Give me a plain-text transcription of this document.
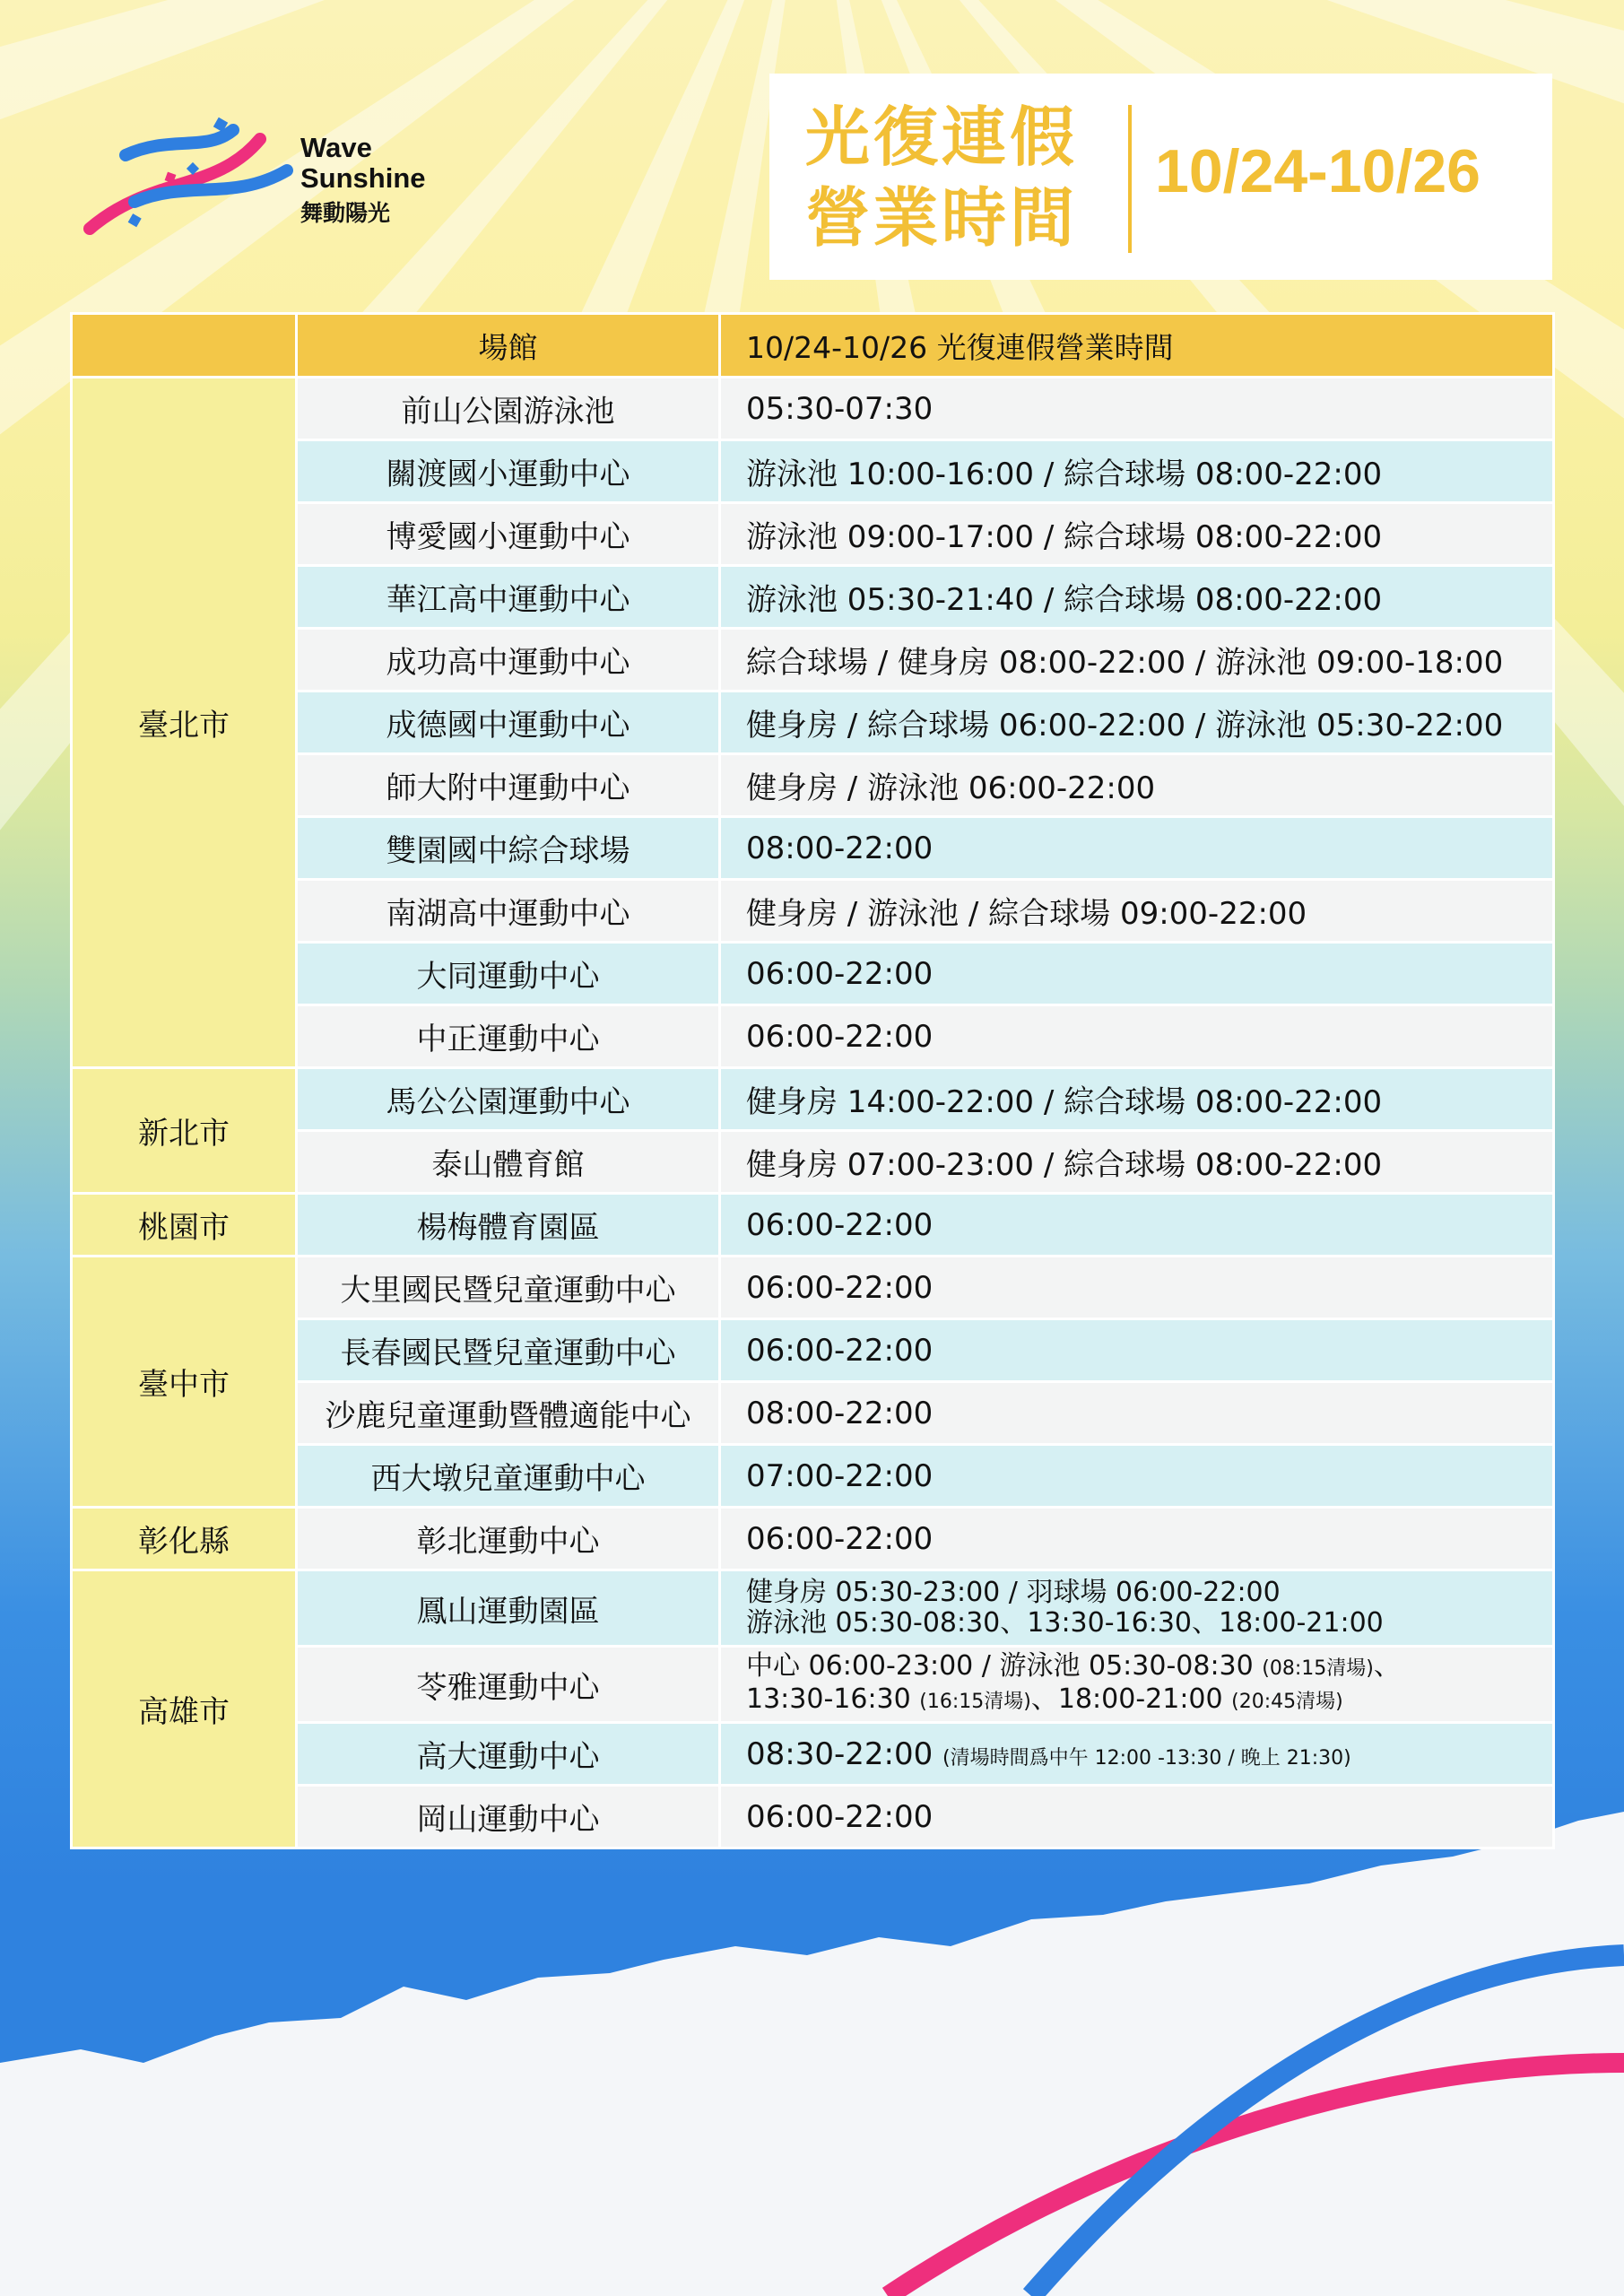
Wave
Sunshine
舞動陽光
光復連假
營業時間
10/24-10/26
	場館	10/24-10/26 光復連假營業時間
臺北市	前山公園游泳池	05:30-07:30
	關渡國小運動中心	游泳池 10:00-16:00 / 綜合球場 08:00-22:00
	博愛國小運動中心	游泳池 09:00-17:00 / 綜合球場 08:00-22:00
	華江高中運動中心	游泳池 05:30-21:40 / 綜合球場 08:00-22:00
	成功高中運動中心	綜合球場 / 健身房 08:00-22:00 / 游泳池 09:00-18:00
	成德國中運動中心	健身房 / 綜合球場 06:00-22:00 / 游泳池 05:30-22:00
	師大附中運動中心	健身房 / 游泳池 06:00-22:00
	雙園國中綜合球場	08:00-22:00
	南湖高中運動中心	健身房 / 游泳池 / 綜合球場 09:00-22:00
	大同運動中心	06:00-22:00
	中正運動中心	06:00-22:00
新北市	馬公公園運動中心	健身房 14:00-22:00 / 綜合球場 08:00-22:00
	泰山體育館	健身房 07:00-23:00 / 綜合球場 08:00-22:00
桃園市	楊梅體育園區	06:00-22:00
臺中市	大里國民暨兒童運動中心	06:00-22:00
	長春國民暨兒童運動中心	06:00-22:00
	沙鹿兒童運動暨體適能中心	08:00-22:00
	西大墩兒童運動中心	07:00-22:00
彰化縣	彰北運動中心	06:00-22:00
高雄市	鳳山運動園區	健身房 05:30-23:00 / 羽球場 06:00-22:00
游泳池 05:30-08:30、13:30-16:30、18:00-21:00

	苓雅運動中心	中心 06:00-23:00 / 游泳池 05:30-08:30 (08:15清場)、
13:30-16:30 (16:15清場)、18:00-21:00 (20:45清場)

	高大運動中心	08:30-22:00 (清場時間爲中午 12:00 -13:30 / 晚上 21:30)
	岡山運動中心	06:00-22:00
